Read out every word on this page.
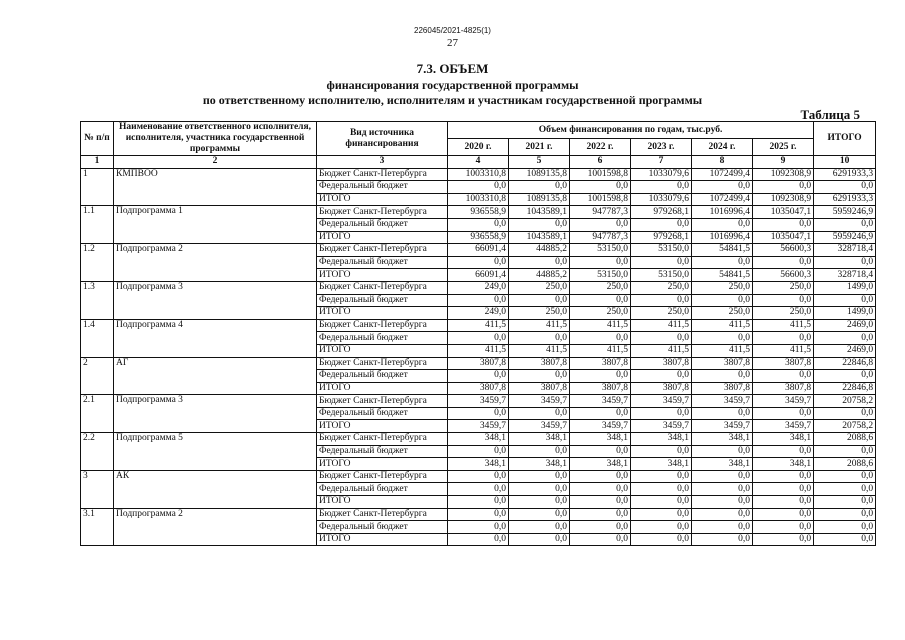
226045/2021-4825(1)
27
7.3. ОБЪЕМ
финансирования государственной программы
по ответственному исполнителю, исполнителям и участникам государственной программы
Таблица 5
№ п/п	Наименование ответственного исполнителя, исполнителя, участника государственной программы	Вид источника финансирования	Объем финансирования по годам, тыс.руб.						ИТОГО
			2020 г.	2021 г.	2022 г.	2023 г.	2024 г.	2025 г.	
1	2	3	4	5	6	7	8	9	10
1	КМПВОО	Бюджет Санкт-Петербурга	1003310,8	1089135,8	1001598,8	1033079,6	1072499,4	1092308,9	6291933,3
		Федеральный бюджет	0,0	0,0	0,0	0,0	0,0	0,0	0,0
		ИТОГО	1003310,8	1089135,8	1001598,8	1033079,6	1072499,4	1092308,9	6291933,3
1.1	Подпрограмма 1	Бюджет Санкт-Петербурга	936558,9	1043589,1	947787,3	979268,1	1016996,4	1035047,1	5959246,9
		Федеральный бюджет	0,0	0,0	0,0	0,0	0,0	0,0	0,0
		ИТОГО	936558,9	1043589,1	947787,3	979268,1	1016996,4	1035047,1	5959246,9
1.2	Подпрограмма 2	Бюджет Санкт-Петербурга	66091,4	44885,2	53150,0	53150,0	54841,5	56600,3	328718,4
		Федеральный бюджет	0,0	0,0	0,0	0,0	0,0	0,0	0,0
		ИТОГО	66091,4	44885,2	53150,0	53150,0	54841,5	56600,3	328718,4
1.3	Подпрограмма 3	Бюджет Санкт-Петербурга	249,0	250,0	250,0	250,0	250,0	250,0	1499,0
		Федеральный бюджет	0,0	0,0	0,0	0,0	0,0	0,0	0,0
		ИТОГО	249,0	250,0	250,0	250,0	250,0	250,0	1499,0
1.4	Подпрограмма 4	Бюджет Санкт-Петербурга	411,5	411,5	411,5	411,5	411,5	411,5	2469,0
		Федеральный бюджет	0,0	0,0	0,0	0,0	0,0	0,0	0,0
		ИТОГО	411,5	411,5	411,5	411,5	411,5	411,5	2469,0
2	АГ	Бюджет Санкт-Петербурга	3807,8	3807,8	3807,8	3807,8	3807,8	3807,8	22846,8
		Федеральный бюджет	0,0	0,0	0,0	0,0	0,0	0,0	0,0
		ИТОГО	3807,8	3807,8	3807,8	3807,8	3807,8	3807,8	22846,8
2.1	Подпрограмма 3	Бюджет Санкт-Петербурга	3459,7	3459,7	3459,7	3459,7	3459,7	3459,7	20758,2
		Федеральный бюджет	0,0	0,0	0,0	0,0	0,0	0,0	0,0
		ИТОГО	3459,7	3459,7	3459,7	3459,7	3459,7	3459,7	20758,2
2.2	Подпрограмма 5	Бюджет Санкт-Петербурга	348,1	348,1	348,1	348,1	348,1	348,1	2088,6
		Федеральный бюджет	0,0	0,0	0,0	0,0	0,0	0,0	0,0
		ИТОГО	348,1	348,1	348,1	348,1	348,1	348,1	2088,6
3	АК	Бюджет Санкт-Петербурга	0,0	0,0	0,0	0,0	0,0	0,0	0,0
		Федеральный бюджет	0,0	0,0	0,0	0,0	0,0	0,0	0,0
		ИТОГО	0,0	0,0	0,0	0,0	0,0	0,0	0,0
3.1	Подпрограмма 2	Бюджет Санкт-Петербурга	0,0	0,0	0,0	0,0	0,0	0,0	0,0
		Федеральный бюджет	0,0	0,0	0,0	0,0	0,0	0,0	0,0
		ИТОГО	0,0	0,0	0,0	0,0	0,0	0,0	0,0
